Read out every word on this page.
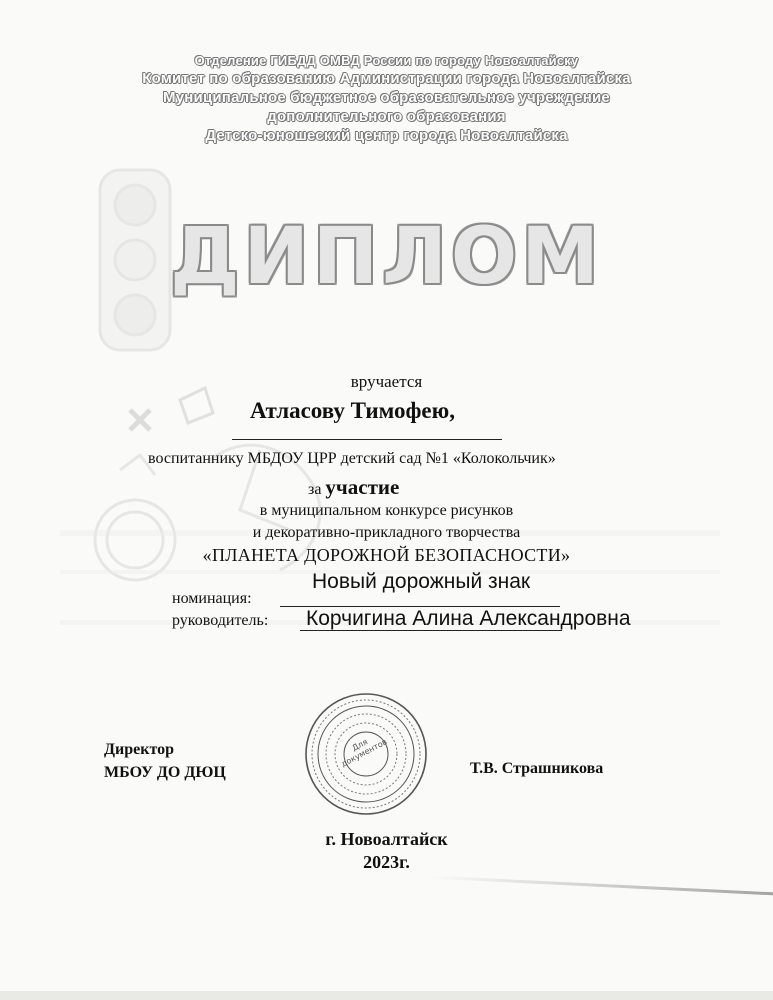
Отделение ГИБДД ОМВД России по городу Новоалтайску
Комитет по образованию Администрации города Новоалтайска
Муниципальное бюджетное образовательное учреждение
дополнительного образования
Детско-юношеский центр города Новоалтайска
ДИПЛОМ
вручается
Атласову Тимофею,
воспитаннику МБДОУ ЦРР детский сад №1 «Колокольчик»
за участие
в муниципальном конкурсе рисунков
и декоративно-прикладного творчества
«ПЛАНЕТА ДОРОЖНОЙ БЕЗОПАСНОСТИ»
Новый дорожный знак
номинация:
Корчигина Алина Александровна
руководитель:
Директор
МБОУ ДО ДЮЦ
Для документов	Т.В. Страшникова
г. Новоалтайск
2023г.
